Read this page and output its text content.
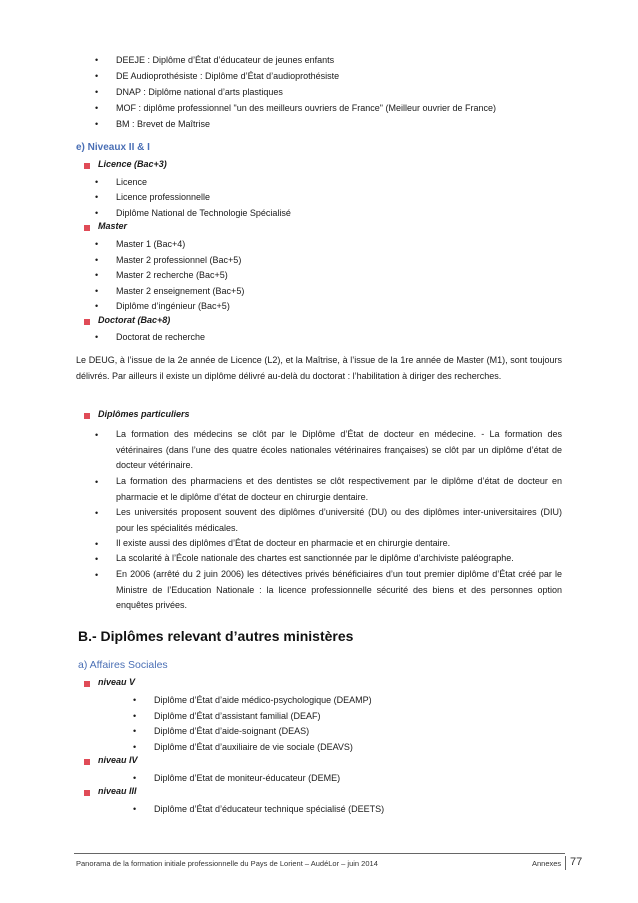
• DEEJE : Diplôme d’État d’éducateur de jeunes enfants
• DE Audioprothésiste : Diplôme d’État d’audioprothésiste
• DNAP : Diplôme national d’arts plastiques
• MOF : diplôme professionnel "un des meilleurs ouvriers de France" (Meilleur ouvrier de France)
• BM : Brevet de Maîtrise
e) Niveaux II & I
Licence (Bac+3)
• Licence
• Licence professionnelle
• Diplôme National de Technologie Spécialisé
Master
• Master 1 (Bac+4)
• Master 2 professionnel (Bac+5)
• Master 2 recherche (Bac+5)
• Master 2 enseignement (Bac+5)
• Diplôme d’ingénieur (Bac+5)
Doctorat (Bac+8)
• Doctorat de recherche
Le DEUG, à l’issue de la 2e année de Licence (L2), et la Maîtrise, à l’issue de la 1re année de Master (M1), sont toujours délivrés. Par ailleurs il existe un diplôme délivré au-delà du doctorat : l’habilitation à diriger des recherches.
Diplômes particuliers
• La formation des médecins se clôt par le Diplôme d’État de docteur en médecine. - La formation des vétérinaires (dans l’une des quatre écoles nationales vétérinaires françaises) se clôt par un diplôme d’état de docteur vétérinaire.
• La formation des pharmaciens et des dentistes se clôt respectivement par le diplôme d’état de docteur en pharmacie et le diplôme d’état de docteur en chirurgie dentaire.
• Les universités proposent souvent des diplômes d’université (DU) ou des diplômes inter-universitaires (DIU) pour les spécialités médicales.
• Il existe aussi des diplômes d’État de docteur en pharmacie et en chirurgie dentaire.
• La scolarité à l’École nationale des chartes est sanctionnée par le diplôme d’archiviste paléographe.
• En 2006 (arrêté du 2 juin 2006) les détectives privés bénéficiaires d’un tout premier diplôme d’État créé par le Ministre de l’Education Nationale : la licence professionnelle sécurité des biens et des personnes option enquêtes privées.
B.- Diplômes relevant d’autres ministères
a) Affaires Sociales
niveau V
• Diplôme d’État d’aide médico-psychologique (DEAMP)
• Diplôme d’État d’assistant familial (DEAF)
• Diplôme d’État d’aide-soignant (DEAS)
• Diplôme d’État d’auxiliaire de vie sociale (DEAVS)
niveau IV
• Diplôme d’Etat de moniteur-éducateur (DEME)
niveau III
• Diplôme d’État d’éducateur technique spécialisé (DEETS)
Panorama de la formation initiale professionnelle du Pays de Lorient – AudéLor – juin 2014	Annexes 77
